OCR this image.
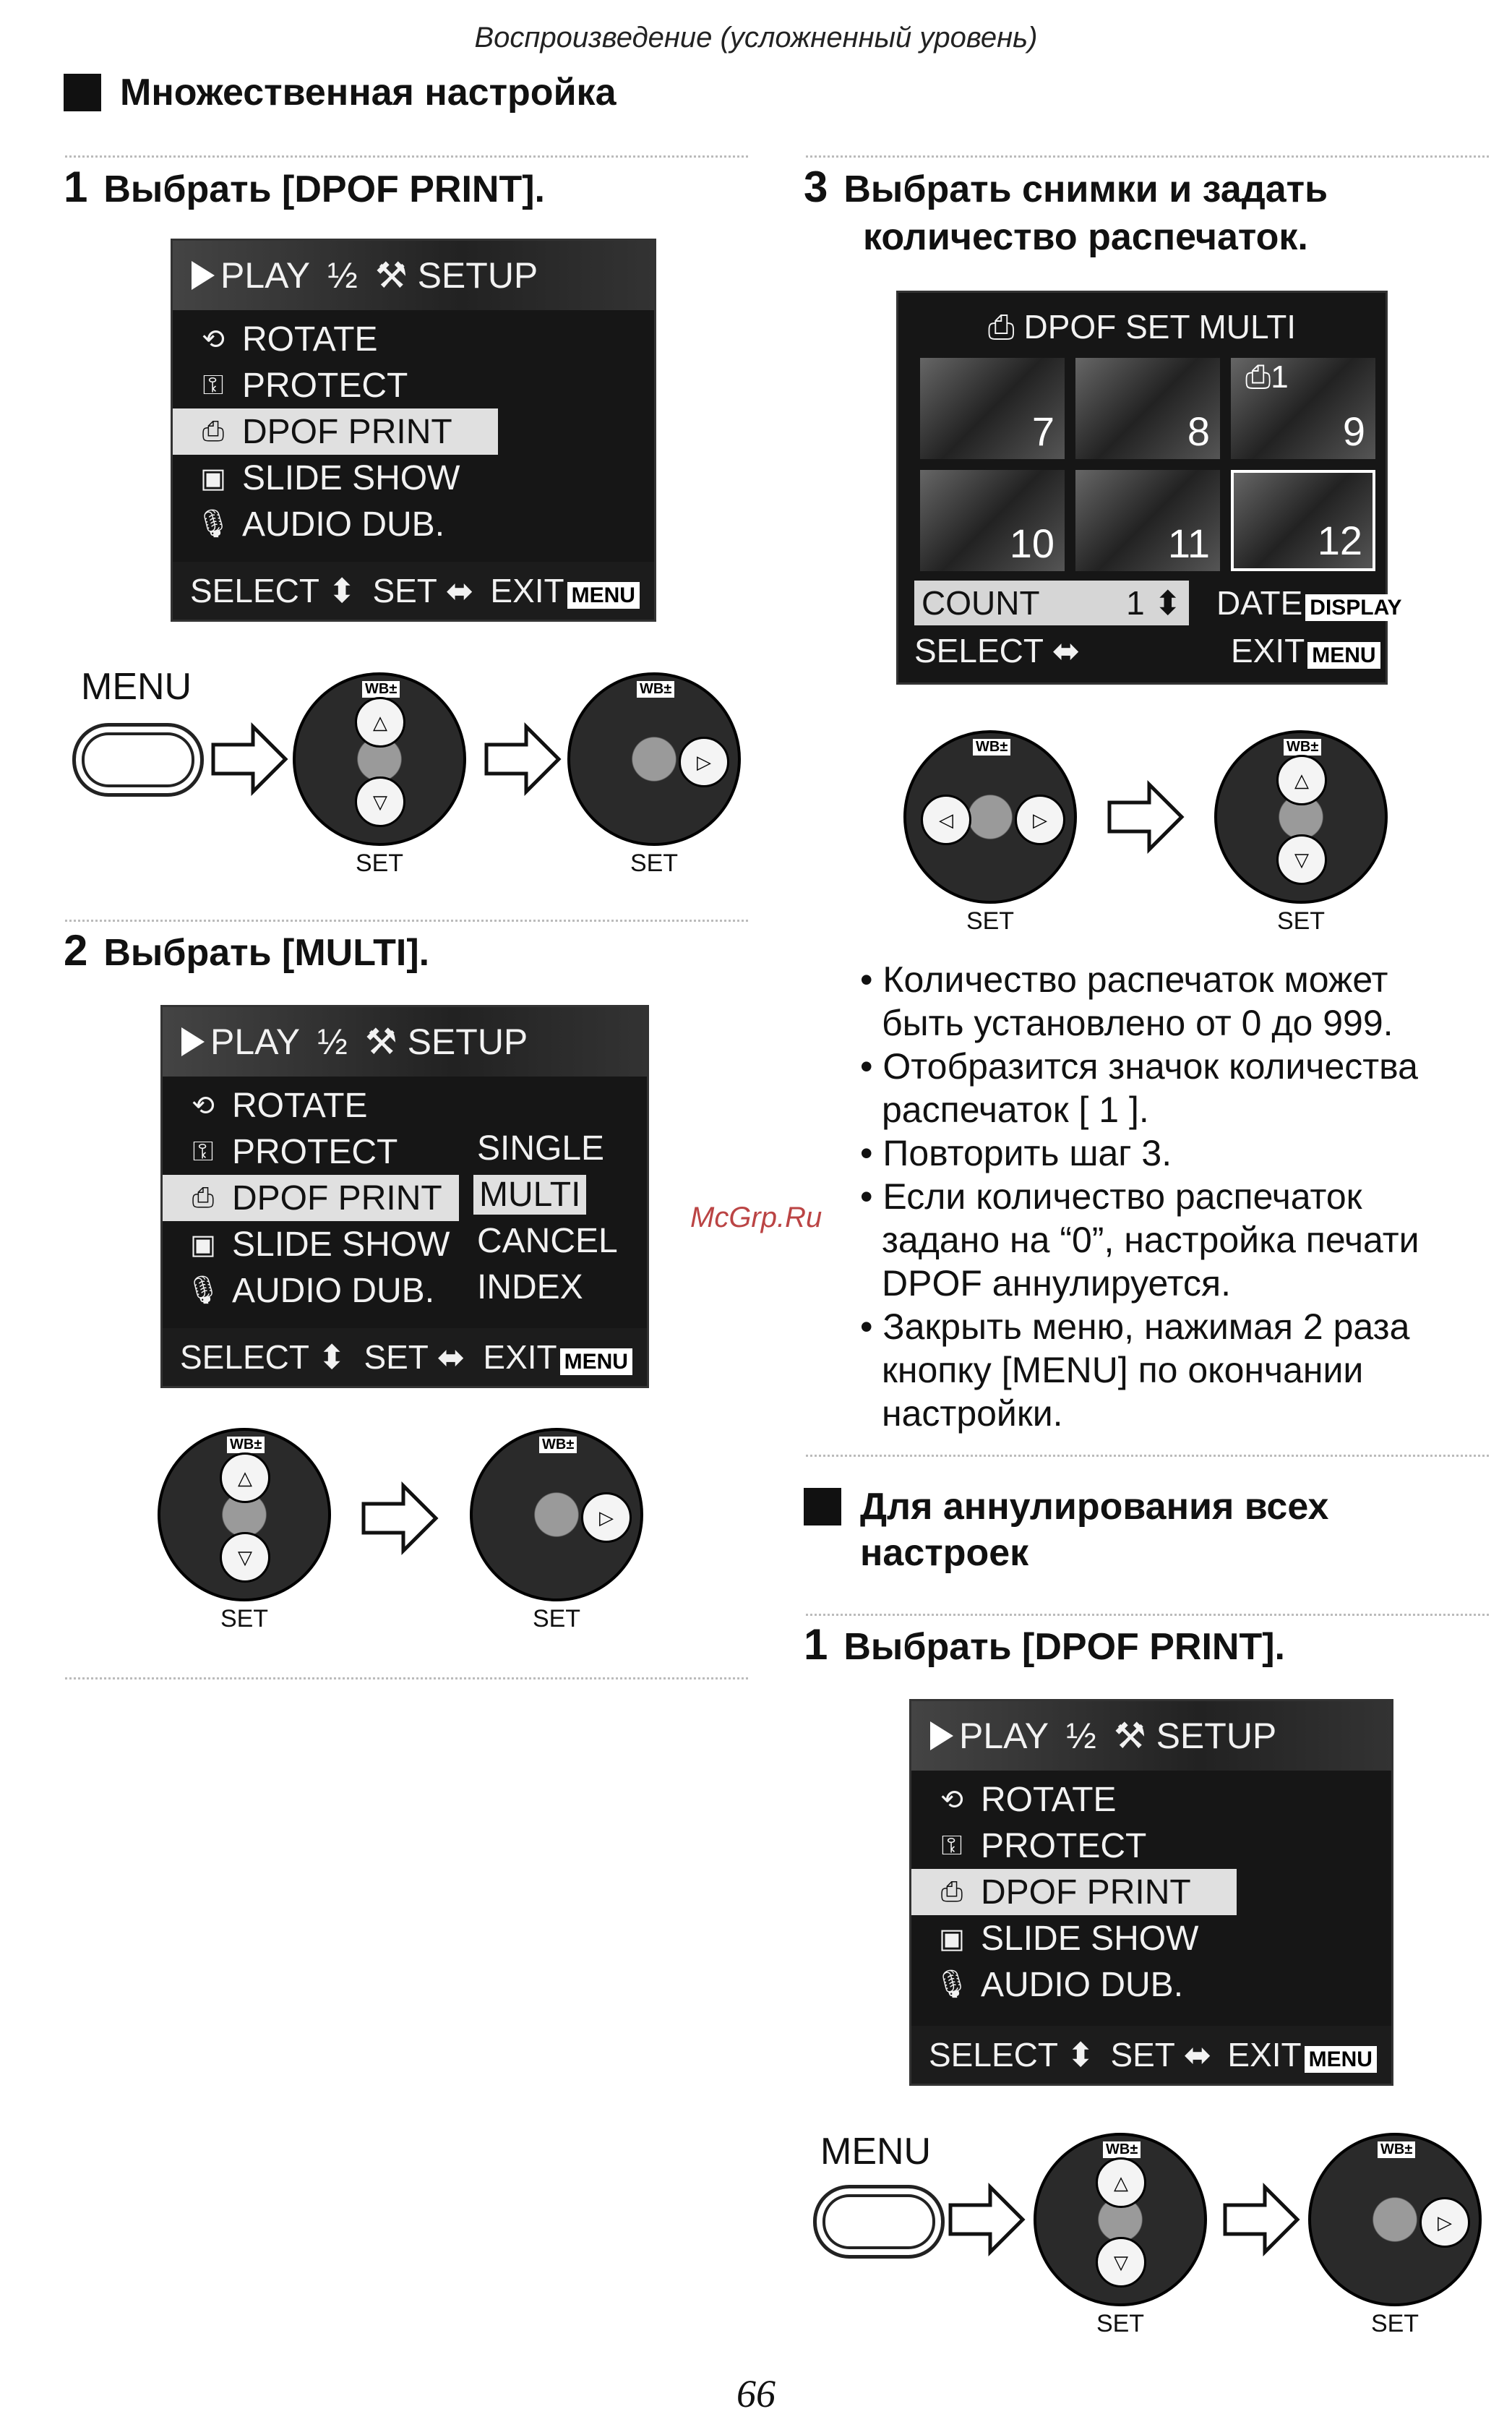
Воспроизведение (усложненный уровень)
Множественная настройка
1 Выбрать [DPOF PRINT].
PLAY ½ ⚒ SETUP
⟲ ROTATE
⚿ PROTECT
⎙ DPOF PRINT
▣ SLIDE SHOW
🎙 AUDIO DUB.
SELECT ⬍ SET ⬌ EXIT MENU
MENU	WB±
△
▽
SET
WB±
▷
SET
2 Выбрать [MULTI].
PLAY ½ ⚒ SETUP
⟲ ROTATE
⚿ PROTECT
⎙ DPOF PRINT
▣ SLIDE SHOW
🎙 AUDIO DUB.
SINGLE
MULTI
CANCEL
INDEX
SELECT ⬍ SET ⬌ EXIT MENU
WB±
△
▽
SET
WB±
▷
SET
3 Выбрать снимки и задать
количество распечаток.
⎙ DPOF SET MULTI
7	8	9
⎙1
10	11	12
COUNT	1 ⬍ DATE DISPLAY
SELECT ⬌	EXIT MENU
WB±
◁	▷
SET
WB±
△
▽
SET

• Количество распечаток может
быть установлено от 0 до 999.

• Отобразится значок количества
распечаток [ 1 ].

• Повторить шаг 3.

• Если количество распечаток
задано на “0”, настройка печати
DPOF аннулируется.

• Закрыть меню, нажимая 2 раза
кнопку [MENU] по окончании
настройки.

McGrp.Ru
Для аннулирования всех
настроек
1 Выбрать [DPOF PRINT].
PLAY ½ ⚒ SETUP
⟲ ROTATE
⚿ PROTECT
⎙ DPOF PRINT
▣ SLIDE SHOW
🎙 AUDIO DUB.
SELECT ⬍ SET ⬌ EXIT MENU
MENU	WB±
△
▽
SET
WB±
▷
SET
66
